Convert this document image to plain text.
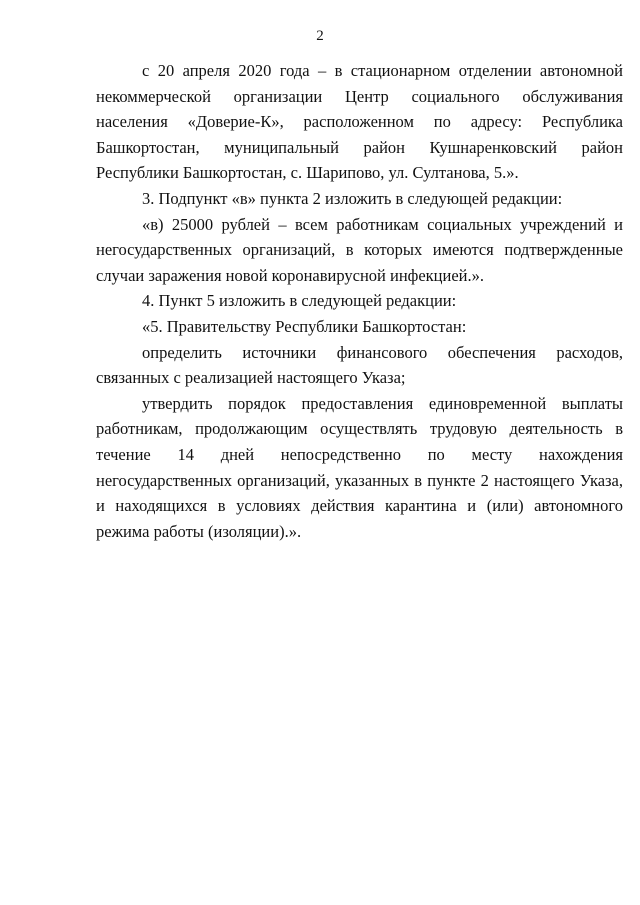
2

с 20 апреля 2020 года – в стационарном отделении автономной некоммерческой организации Центр социального обслуживания населения «Доверие-К», расположенном по адресу: Республика Башкортостан, муниципальный район Кушнаренковский район Республики Башкортостан, с. Шарипово, ул. Султанова, 5.».

3. Подпункт «в» пункта 2 изложить в следующей редакции:

«в) 25000 рублей – всем работникам социальных учреждений и негосударственных организаций, в которых имеются подтвержденные случаи заражения новой коронавирусной инфекцией.».

4. Пункт 5 изложить в следующей редакции:

«5. Правительству Республики Башкортостан:

определить источники финансового обеспечения расходов, связанных с реализацией настоящего Указа;

утвердить порядок предоставления единовременной выплаты работникам, продолжающим осуществлять трудовую деятельность в течение 14 дней непосредственно по месту нахождения негосударственных организаций, указанных в пункте 2 настоящего Указа, и находящихся в условиях действия карантина и (или) автономного режима работы (изоляции).».
